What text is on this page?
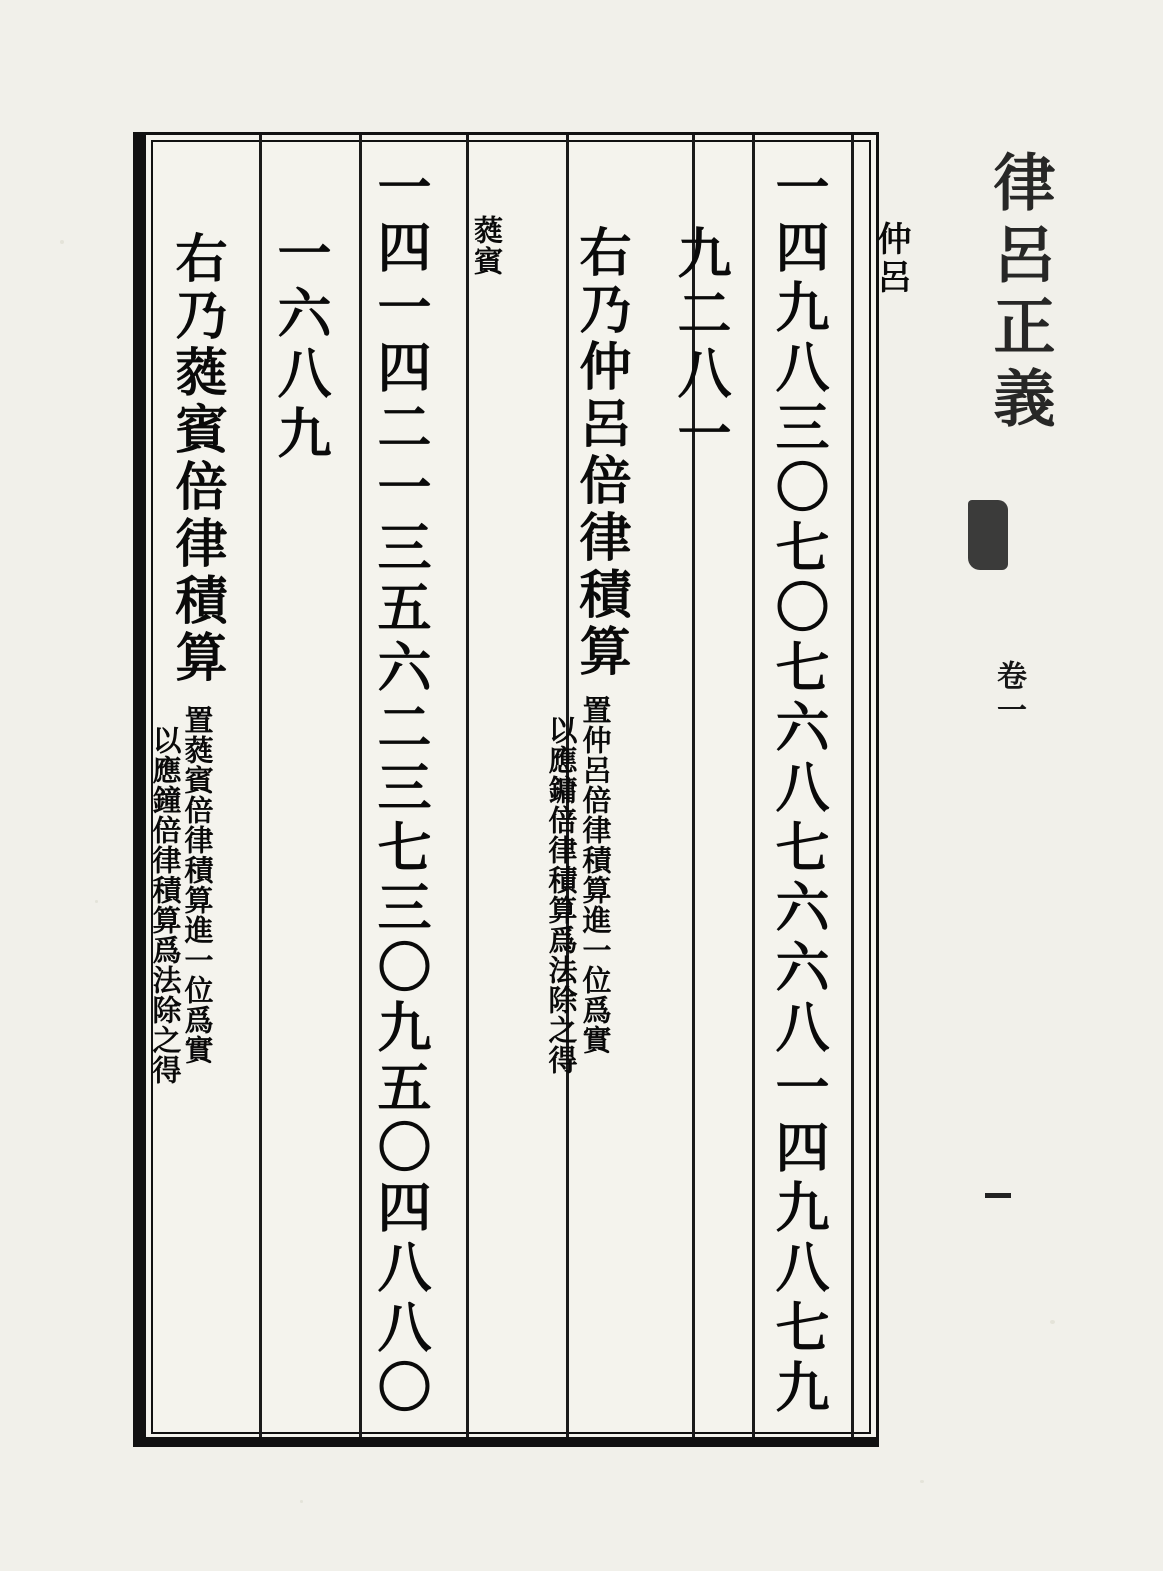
律呂正義
卷一
仲呂
一四九八三〇七〇七六八七六六八一四九八七九
九二八一
右乃仲呂倍律積算
置仲呂倍律積算進一位爲實
以應鏞倍律積算爲法除之得
蕤賓
一四一四二一三五六二三七三〇九五〇四八八〇
一六八九
右乃蕤賓倍律積算
置蕤賓倍律積算進一位爲實
以應鐘倍律積算爲法除之得
